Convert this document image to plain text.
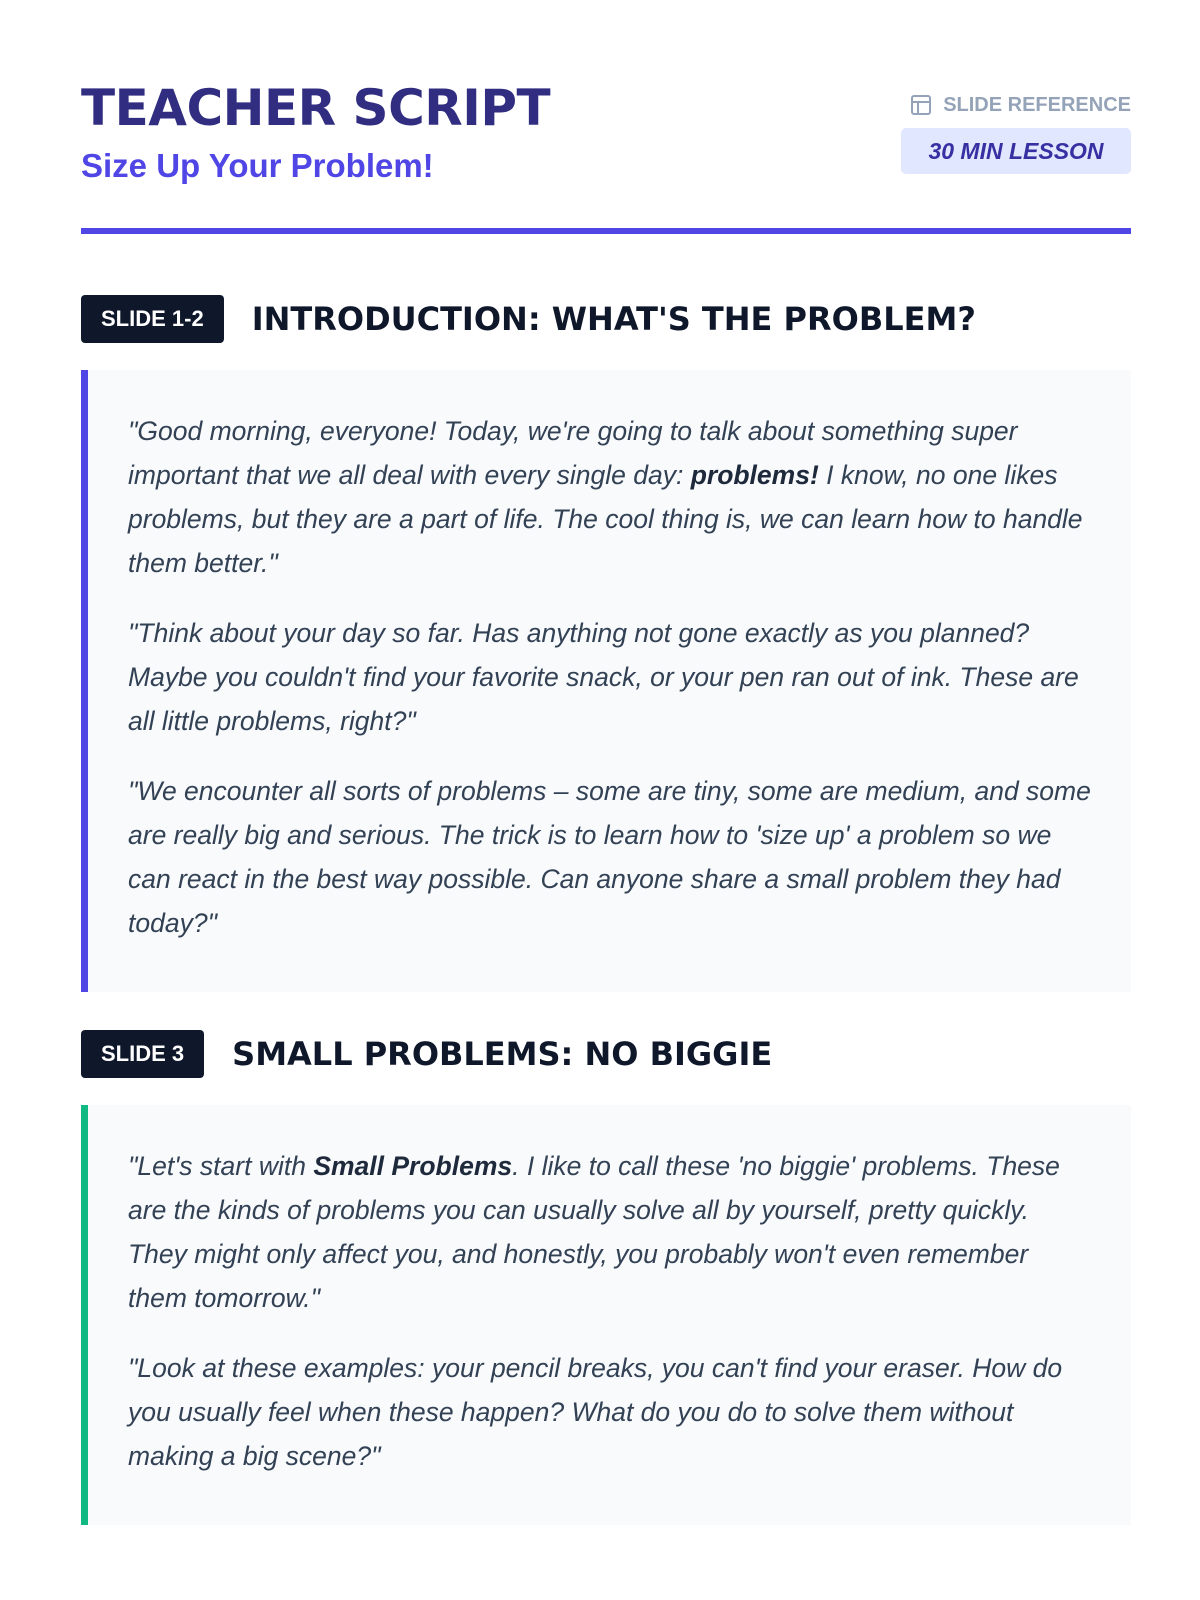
TEACHER SCRIPT
Size Up Your Problem!
SLIDE REFERENCE
30 MIN LESSON
SLIDE 1-2	INTRODUCTION: WHAT'S THE PROBLEM?

"Good morning, everyone! Today, we're going to talk about something super important that we all deal with every single day: problems! I know, no one likes problems, but they are a part of life. The cool thing is, we can learn how to handle them better."

"Think about your day so far. Has anything not gone exactly as you planned? Maybe you couldn't find your favorite snack, or your pen ran out of ink. These are all little problems, right?"

"We encounter all sorts of problems – some are tiny, some are medium, and some are really big and serious. The trick is to learn how to 'size up' a problem so we can react in the best way possible. Can anyone share a small problem they had today?"

SLIDE 3	SMALL PROBLEMS: NO BIGGIE

"Let's start with Small Problems. I like to call these 'no biggie' problems. These are the kinds of problems you can usually solve all by yourself, pretty quickly. They might only affect you, and honestly, you probably won't even remember them tomorrow."

"Look at these examples: your pencil breaks, you can't find your eraser. How do you usually feel when these happen? What do you do to solve them without making a big scene?"
